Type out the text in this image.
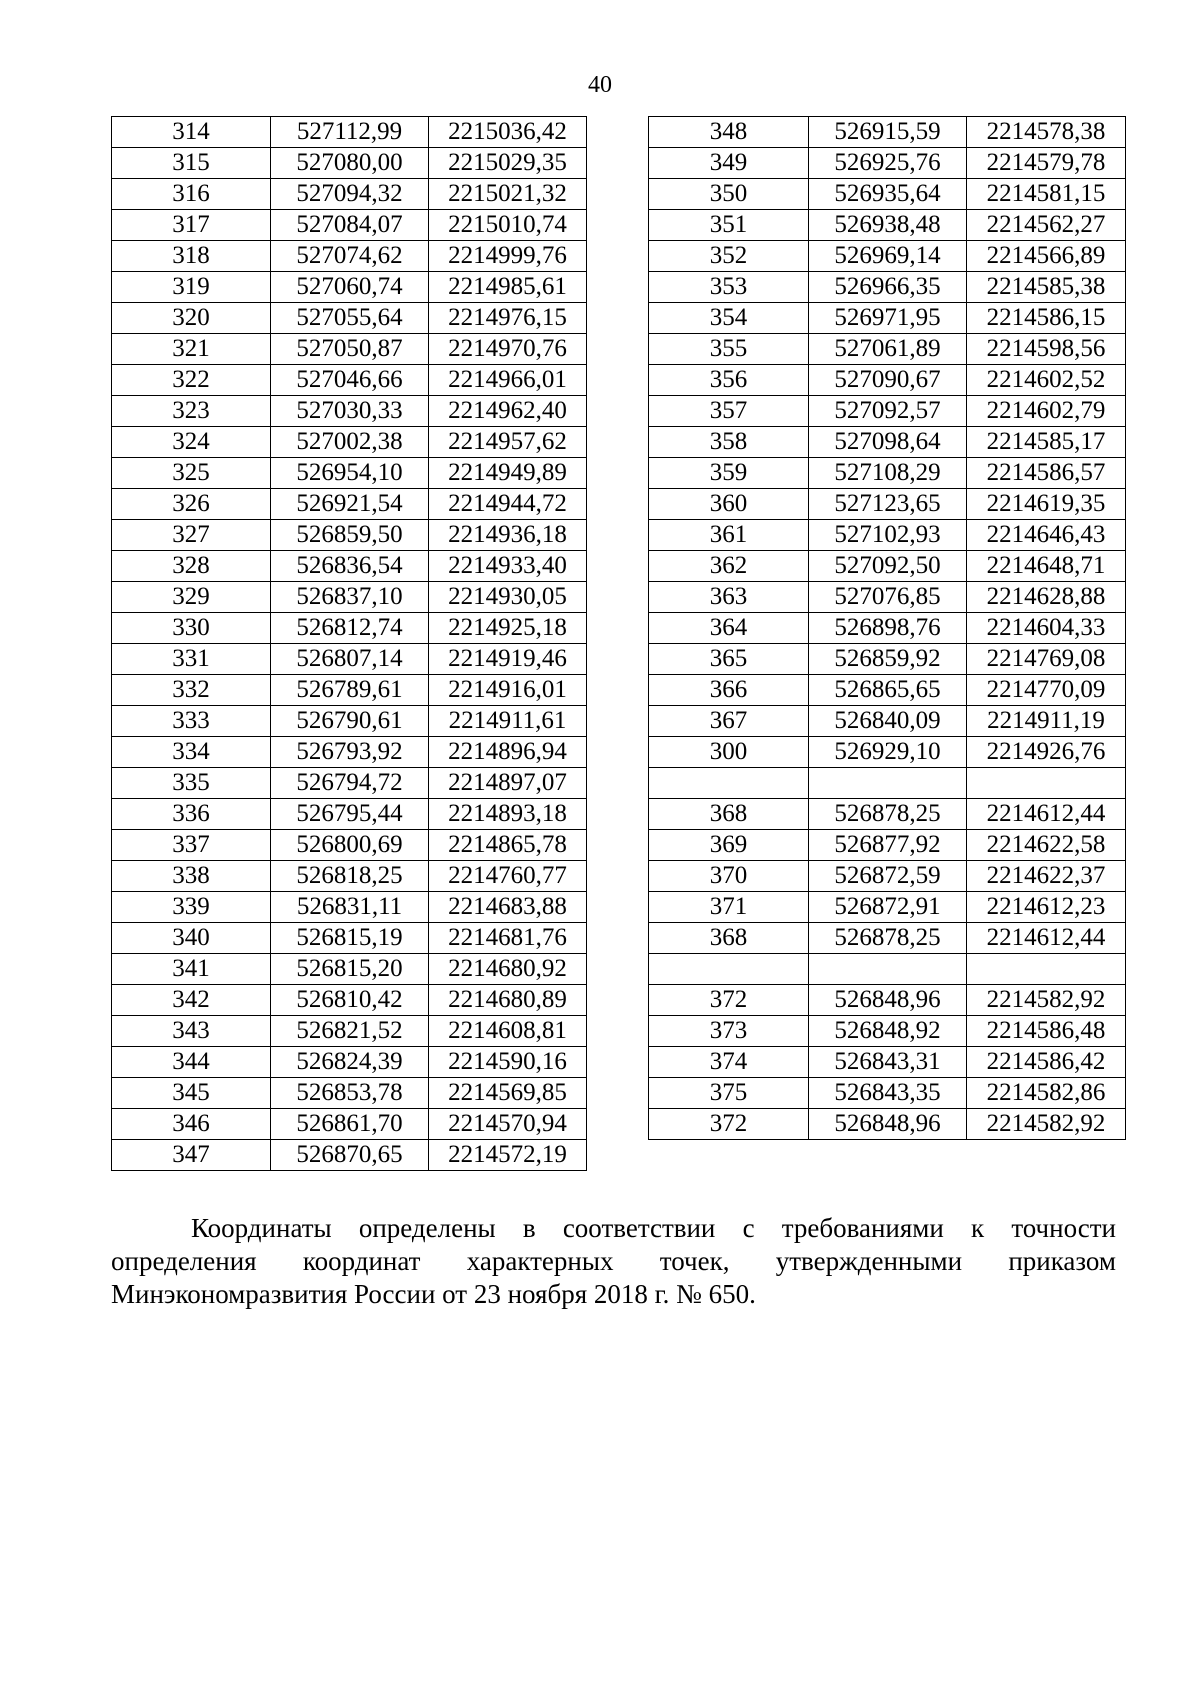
40
314	527112,99	2215036,42
315	527080,00	2215029,35
316	527094,32	2215021,32
317	527084,07	2215010,74
318	527074,62	2214999,76
319	527060,74	2214985,61
320	527055,64	2214976,15
321	527050,87	2214970,76
322	527046,66	2214966,01
323	527030,33	2214962,40
324	527002,38	2214957,62
325	526954,10	2214949,89
326	526921,54	2214944,72
327	526859,50	2214936,18
328	526836,54	2214933,40
329	526837,10	2214930,05
330	526812,74	2214925,18
331	526807,14	2214919,46
332	526789,61	2214916,01
333	526790,61	2214911,61
334	526793,92	2214896,94
335	526794,72	2214897,07
336	526795,44	2214893,18
337	526800,69	2214865,78
338	526818,25	2214760,77
339	526831,11	2214683,88
340	526815,19	2214681,76
341	526815,20	2214680,92
342	526810,42	2214680,89
343	526821,52	2214608,81
344	526824,39	2214590,16
345	526853,78	2214569,85
346	526861,70	2214570,94
347	526870,65	2214572,19
348	526915,59	2214578,38
349	526925,76	2214579,78
350	526935,64	2214581,15
351	526938,48	2214562,27
352	526969,14	2214566,89
353	526966,35	2214585,38
354	526971,95	2214586,15
355	527061,89	2214598,56
356	527090,67	2214602,52
357	527092,57	2214602,79
358	527098,64	2214585,17
359	527108,29	2214586,57
360	527123,65	2214619,35
361	527102,93	2214646,43
362	527092,50	2214648,71
363	527076,85	2214628,88
364	526898,76	2214604,33
365	526859,92	2214769,08
366	526865,65	2214770,09
367	526840,09	2214911,19
300	526929,10	2214926,76

368	526878,25	2214612,44
369	526877,92	2214622,58
370	526872,59	2214622,37
371	526872,91	2214612,23
368	526878,25	2214612,44

372	526848,96	2214582,92
373	526848,92	2214586,48
374	526843,31	2214586,42
375	526843,35	2214582,86
372	526848,96	2214582,92

Координаты определены в соответствии с требованиями к точности определения координат характерных точек, утвержденными приказом Минэкономразвития России от 23 ноября 2018 г. № 650.
